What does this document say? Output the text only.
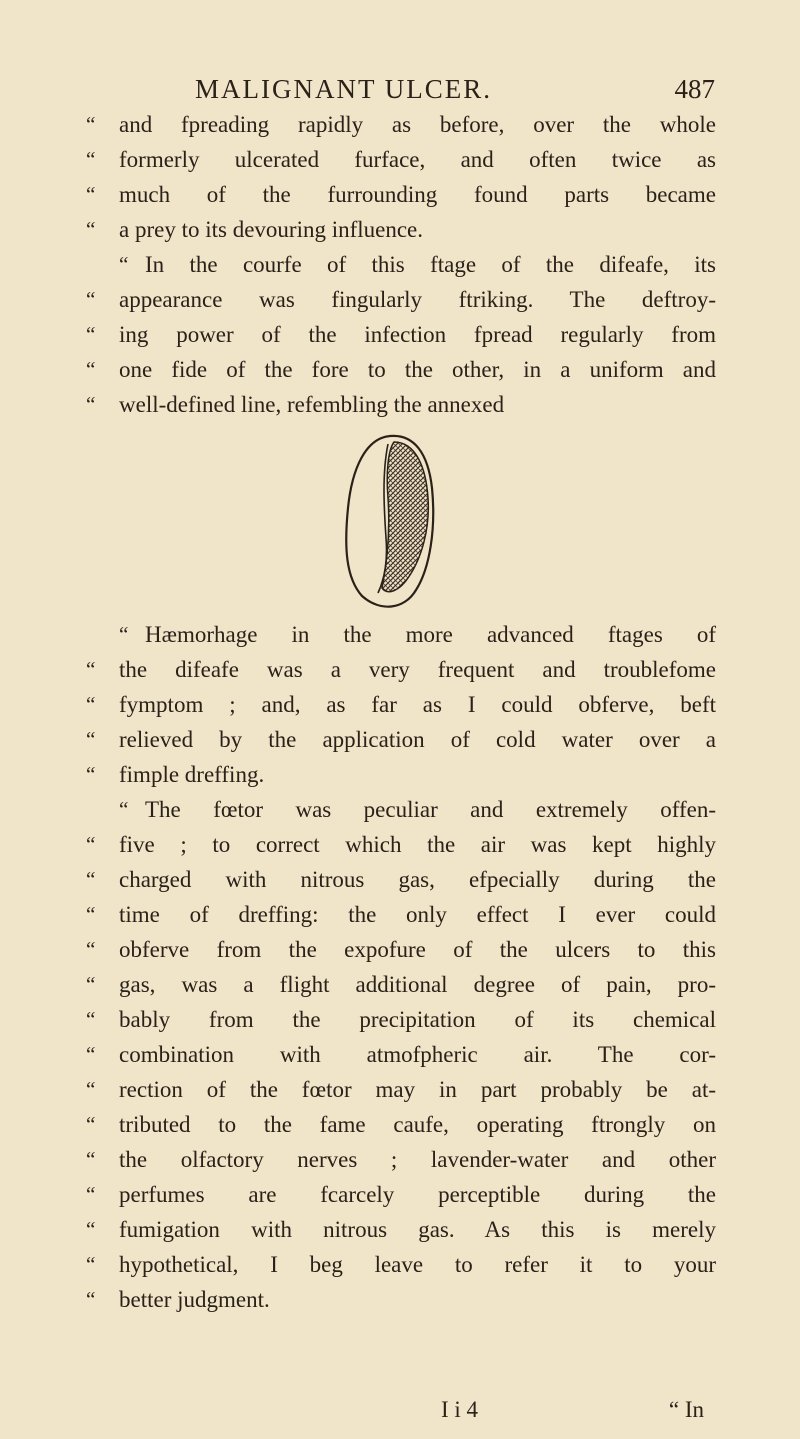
MALIGNANT ULCER.	487
“	and fpreading rapidly as before, over the whole
“	formerly ulcerated furface, and often twice as
“	much of the furrounding found parts became
“	a prey to its devouring influence.
In the courfe of this ftage of the difeafe, its
“
“	appearance was fingularly ftriking. The deftroy-
“	ing power of the infection fpread regularly from
“	one fide of the fore to the other, in a uniform and
“	well-defined line, refembling the annexed
“ Hæmorhage in the more advanced ftages of
“	the difeafe was a very frequent and troublefome
“	fymptom ; and, as far as I could obferve, beft
“	relieved by the application of cold water over a
“	fimple dreffing.
“ The fœtor was peculiar and extremely offen-
“	five ; to correct which the air was kept highly
“	charged with nitrous gas, efpecially during the
“	time of dreffing: the only effect I ever could
“	obferve from the expofure of the ulcers to this
“	gas, was a flight additional degree of pain, pro-
“	bably from the precipitation of its chemical
“	combination with atmofpheric air. The cor-
“	rection of the fœtor may in part probably be at-
“	tributed to the fame caufe, operating ftrongly on
“	the olfactory nerves ; lavender-water and other
“	perfumes are fcarcely perceptible during the
“	fumigation with nitrous gas. As this is merely
“	hypothetical, I beg leave to refer it to your
“	better judgment.
I i 4	“ In
